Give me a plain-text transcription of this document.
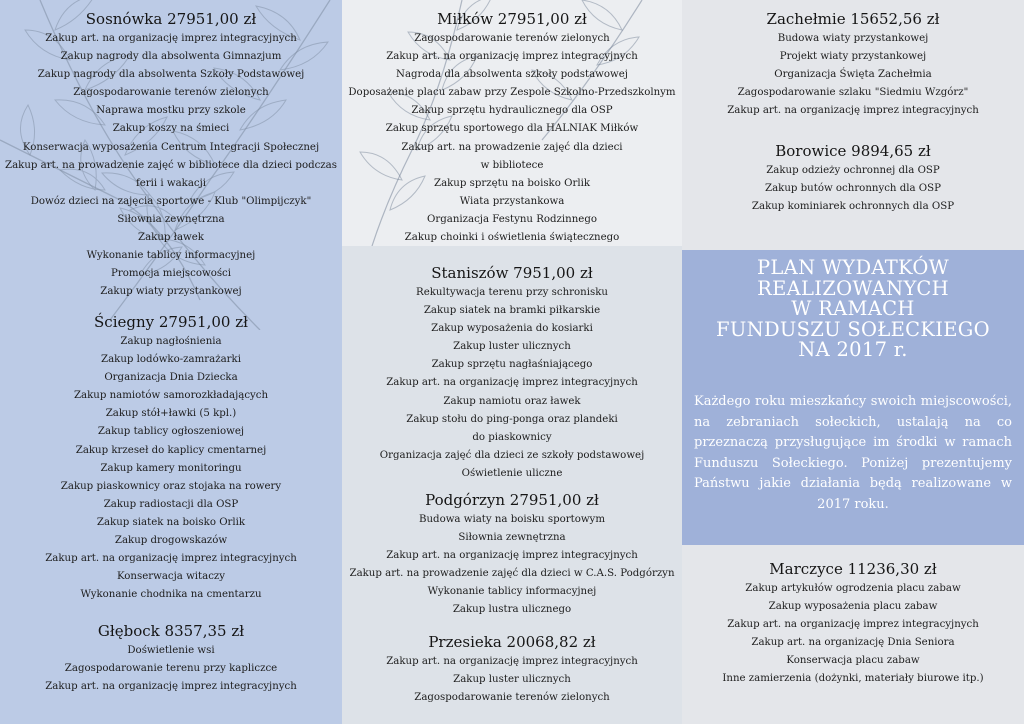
Sosnówka 27951,00 zł
Zakup art. na organizację imprez integracyjnych
Zakup nagrody dla absolwenta Gimnazjum
Zakup nagrody dla absolwenta Szkoły Podstawowej
Zagospodarowanie terenów zielonych
Naprawa mostku przy szkole
Zakup koszy na śmieci
Konserwacja wyposażenia Centrum Integracji Społecznej
Zakup art. na prowadzenie zajęć w bibliotece dla dzieci podczas
ferii i wakacji
Dowóz dzieci na zajęcia sportowe - Klub "Olimpijczyk"
Siłownia zewnętrzna
Zakup ławek
Wykonanie tablicy informacyjnej
Promocja miejscowości
Zakup wiaty przystankowej
Ściegny 27951,00 zł
Zakup nagłośnienia
Zakup lodówko-zamrażarki
Organizacja Dnia Dziecka
Zakup namiotów samorozkładających
Zakup stół+ławki (5 kpl.)
Zakup tablicy ogłoszeniowej
Zakup krzeseł do kaplicy cmentarnej
Zakup kamery monitoringu
Zakup piaskownicy oraz stojaka na rowery
Zakup radiostacji dla OSP
Zakup siatek na boisko Orlik
Zakup drogowskazów
Zakup art. na organizację imprez integracyjnych
Konserwacja witaczy
Wykonanie chodnika na cmentarzu
Głębock 8357,35 zł
Doświetlenie wsi
Zagospodarowanie terenu przy kapliczce
Zakup art. na organizację imprez integracyjnych
Miłków 27951,00 zł
Zagospodarowanie terenów zielonych
Zakup art. na organizację imprez integracyjnych
Nagroda dla absolwenta szkoły podstawowej
Doposażenie placu zabaw przy Zespole Szkolno-Przedszkolnym
Zakup sprzętu hydraulicznego dla OSP
Zakup sprzętu sportowego dla HALNIAK Miłków
Zakup art. na prowadzenie zajęć dla dzieci
w bibliotece
Zakup sprzętu na boisko Orlik
Wiata przystankowa
Organizacja Festynu Rodzinnego
Zakup choinki i oświetlenia świątecznego
Staniszów 7951,00 zł
Rekultywacja terenu przy schronisku
Zakup siatek na bramki piłkarskie
Zakup wyposażenia do kosiarki
Zakup luster ulicznych
Zakup sprzętu nagłaśniającego
Zakup art. na organizację imprez integracyjnych
Zakup namiotu oraz ławek
Zakup stołu do ping-ponga oraz plandeki
do piaskownicy
Organizacja zajęć dla dzieci ze szkoły podstawowej
Oświetlenie uliczne
Podgórzyn 27951,00 zł
Budowa wiaty na boisku sportowym
Siłownia zewnętrzna
Zakup art. na organizację imprez integracyjnych
Zakup art. na prowadzenie zajęć dla dzieci w C.A.S. Podgórzyn
Wykonanie tablicy informacyjnej
Zakup lustra ulicznego
Przesieka 20068,82 zł
Zakup art. na organizację imprez integracyjnych
Zakup luster ulicznych
Zagospodarowanie terenów zielonych
Zachełmie 15652,56 zł
Budowa wiaty przystankowej
Projekt wiaty przystankowej
Organizacja Święta Zachełmia
Zagospodarowanie szlaku "Siedmiu Wzgórz"
Zakup art. na organizację imprez integracyjnych
Borowice 9894,65 zł
Zakup odzieży ochronnej dla OSP
Zakup butów ochronnych dla OSP
Zakup kominiarek ochronnych dla OSP
PLAN WYDATKÓW
REALIZOWANYCH
W RAMACH
FUNDUSZU SOŁECKIEGO
NA 2017 r.
Każdego roku mieszkańcy swoich miejscowości, na zebraniach sołeckich, ustalają na co przeznaczą przysługujące im środki w ramach Funduszu Sołeckiego. Poniżej prezentujemy Państwu jakie działania będą realizowane w 2017 roku.
Marczyce 11236,30 zł
Zakup artykułów ogrodzenia placu zabaw
Zakup wyposażenia placu zabaw
Zakup art. na organizację imprez integracyjnych
Zakup art. na organizację Dnia Seniora
Konserwacja placu zabaw
Inne zamierzenia (dożynki, materiały biurowe itp.)
